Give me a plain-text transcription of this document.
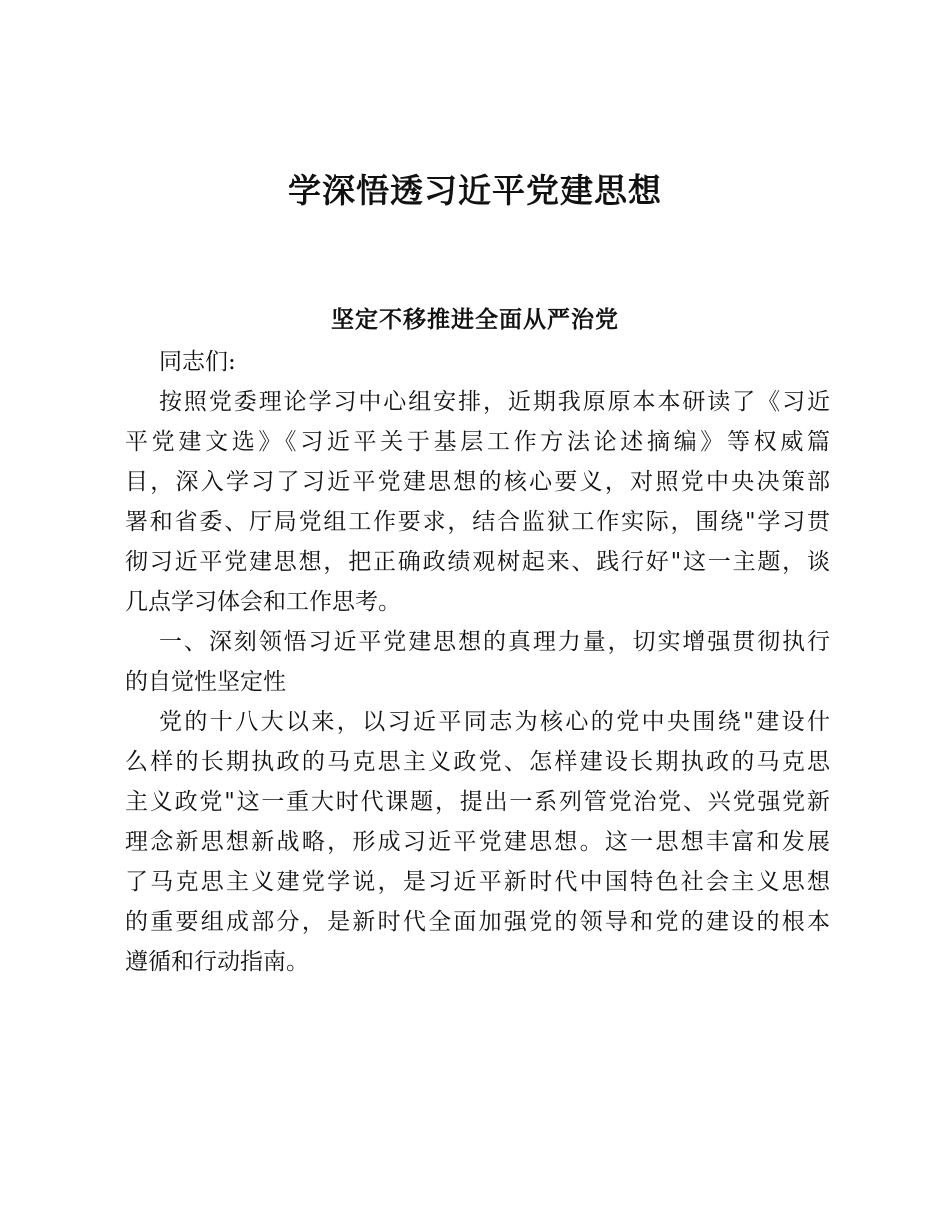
学深悟透习近平党建思想
坚定不移推进全面从严治党
同志们:
按照党委理论学习中心组安排，近期我原原本本研读了《习近
平党建文选》《习近平关于基层工作方法论述摘编》等权威篇
目，深入学习了习近平党建思想的核心要义，对照党中央决策部
署和省委、厅局党组工作要求，结合监狱工作实际，围绕"学习贯
彻习近平党建思想，把正确政绩观树起来、践行好"这一主题，谈
几点学习体会和工作思考。
一、深刻领悟习近平党建思想的真理力量，切实增强贯彻执行
的自觉性坚定性
党的十八大以来，以习近平同志为核心的党中央围绕"建设什
么样的长期执政的马克思主义政党、怎样建设长期执政的马克思
主义政党"这一重大时代课题，提出一系列管党治党、兴党强党新
理念新思想新战略，形成习近平党建思想。这一思想丰富和发展
了马克思主义建党学说，是习近平新时代中国特色社会主义思想
的重要组成部分，是新时代全面加强党的领导和党的建设的根本
遵循和行动指南。
